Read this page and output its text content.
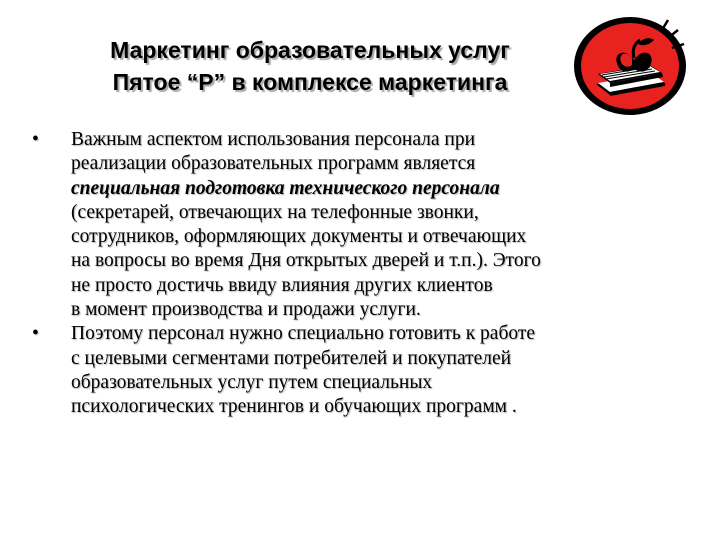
Маркетинг образовательных услуг
Пятое “P” в комплексе маркетинга
• Важным аспектом использования персонала при
реализации образовательных программ является
специальная подготовка технического персонала
(секретарей, отвечающих на телефонные звонки,
сотрудников, оформляющих документы и отвечающих
на вопросы во время Дня открытых дверей и т.п.). Этого
не просто достичь ввиду влияния других клиентов
в момент производства и продажи услуги.
• Поэтому персонал нужно специально готовить к работе
с целевыми сегментами потребителей и покупателей
образовательных услуг путем специальных
психологических тренингов и обучающих программ .
